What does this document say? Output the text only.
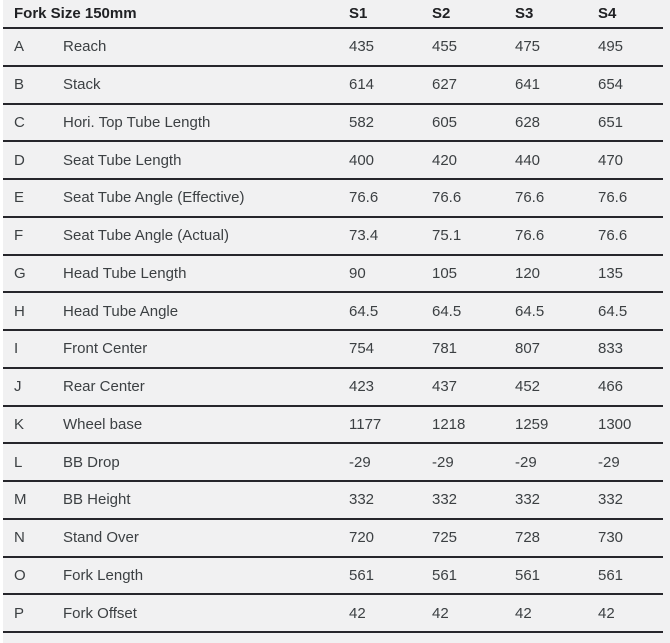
Fork Size 150mm	S1	S2	S3	S4
A	Reach	435	455	475	495
B	Stack	614	627	641	654
C	Hori. Top Tube Length	582	605	628	651
D	Seat Tube Length	400	420	440	470
E	Seat Tube Angle (Effective)	76.6	76.6	76.6	76.6
F	Seat Tube Angle (Actual)	73.4	75.1	76.6	76.6
G	Head Tube Length	90	105	120	135
H	Head Tube Angle	64.5	64.5	64.5	64.5
I	Front Center	754	781	807	833
J	Rear Center	423	437	452	466
K	Wheel base	1177	1218	1259	1300
L	BB Drop	-29	-29	-29	-29
M	BB Height	332	332	332	332
N	Stand Over	720	725	728	730
O	Fork Length	561	561	561	561
P	Fork Offset	42	42	42	42
